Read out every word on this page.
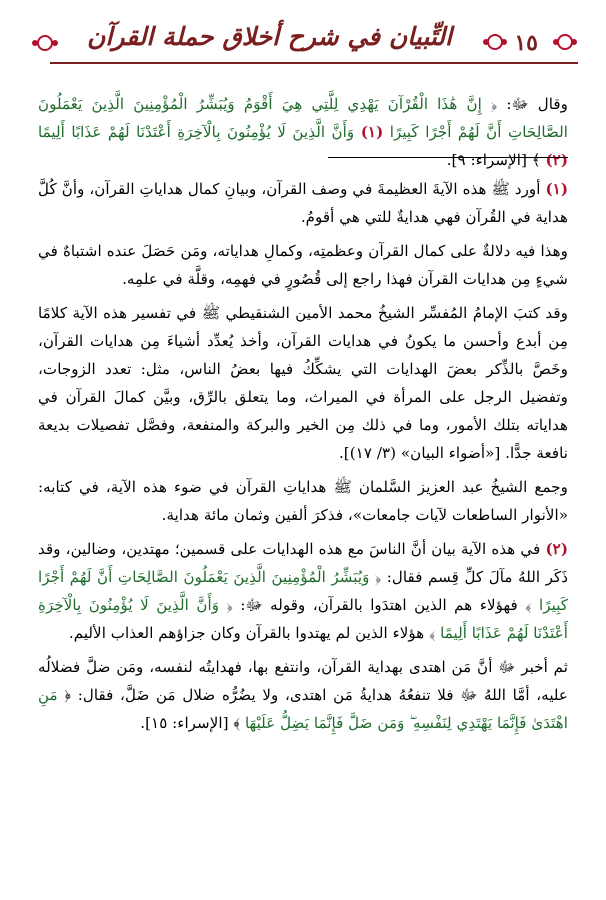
١٥
التِّبيان في شرح أخلاق حملة القرآن
وقال ﷻ: ﴿ إِنَّ هَٰذَا الْقُرْآنَ يَهْدِي لِلَّتِي هِيَ أَقْوَمُ وَيُبَشِّرُ الْمُؤْمِنِينَ الَّذِينَ يَعْمَلُونَ الصَّالِحَاتِ أَنَّ لَهُمْ أَجْرًا كَبِيرًا (١) وَأَنَّ الَّذِينَ لَا يُؤْمِنُونَ بِالْآخِرَةِ أَعْتَدْنَا لَهُمْ عَذَابًا أَلِيمًا (٢) ﴾ [الإسراء: ٩].

(١) أورد ﷺ هذه الآيةَ العظيمةَ في وصف القرآن، وبيانِ كمال هداياتِ القرآن، وأنَّ كُلَّ هداية في القُرآن فهي هدايةٌ للتي هي أقومُ.

وهذا فيه دلالةٌ على كمال القرآن وعظمتِه، وكمالِ هداياته، ومَن حَصَلَ عنده اشتباهٌ في شيءٍ مِن هدايات القرآن فهذا راجع إلى قُصُورٍ في فهمِه، وقلَّة في علمِه.

وقد كتبَ الإمامُ المُفسِّر الشيخُ محمد الأمين الشنقيطي ﷺ في تفسير هذه الآية كلامًا مِن أبدع وأحسن ما يكونُ في هدايات القرآن، وأخذ يُعدِّد أشياءَ مِن هدايات القرآن، وخَصَّ بالذِّكر بعضَ الهدايات التي يشكِّكُ فيها بعضُ الناس، مثل: تعدد الزوجات، وتفضيل الرجل على المرأة في الميراث، وما يتعلق بالرِّق، وبيَّن كمالَ القرآن في هداياته بتلك الأمور، وما في ذلك مِن الخير والبركة والمنفعة، وفصَّل تفصيلات بديعة نافعة جدًّا. [«أضواء البيان» (٣/ ١٧)].

وجمع الشيخُ عبد العزيز السَّلمان ﷺ هداياتِ القرآن في ضوء هذه الآية، في كتابه: «الأنوار الساطعات لآيات جامعات»، فذكرَ ألفين وثمان مائة هداية.

(٢) في هذه الآية بيان أنَّ الناسَ مع هذه الهدايات على قسمين؛ مهتدين، وضالين، وقد ذَكَر اللهُ مآلَ كلِّ قِسم فقال: ﴿ وَيُبَشِّرُ الْمُؤْمِنِينَ الَّذِينَ يَعْمَلُونَ الصَّالِحَاتِ أَنَّ لَهُمْ أَجْرًا كَبِيرًا ﴾ فهؤلاء هم الذين اهتدَوا بالقرآن، وقوله ﷻ: ﴿ وَأَنَّ الَّذِينَ لَا يُؤْمِنُونَ بِالْآخِرَةِ أَعْتَدْنَا لَهُمْ عَذَابًا أَلِيمًا ﴾ هؤلاء الذين لم يهتدوا بالقرآن وكان جزاؤهم العذاب الأليم.

ثم أخبر ﷻ أنَّ مَن اهتدى بهداية القرآن، وانتفع بها، فهدايتُه لنفسه، ومَن ضلَّ فضلالُه عليه، أمَّا اللهُ ﷻ فلا تنفعُهُ هدايةُ مَن اهتدى، ولا يضُرُّه ضلال مَن ضَلَّ، فقال: ﴿ مَنِ اهْتَدَىٰ فَإِنَّمَا يَهْتَدِي لِنَفْسِهِ ۖ وَمَن ضَلَّ فَإِنَّمَا يَضِلُّ عَلَيْهَا ﴾ [الإسراء: ١٥].
